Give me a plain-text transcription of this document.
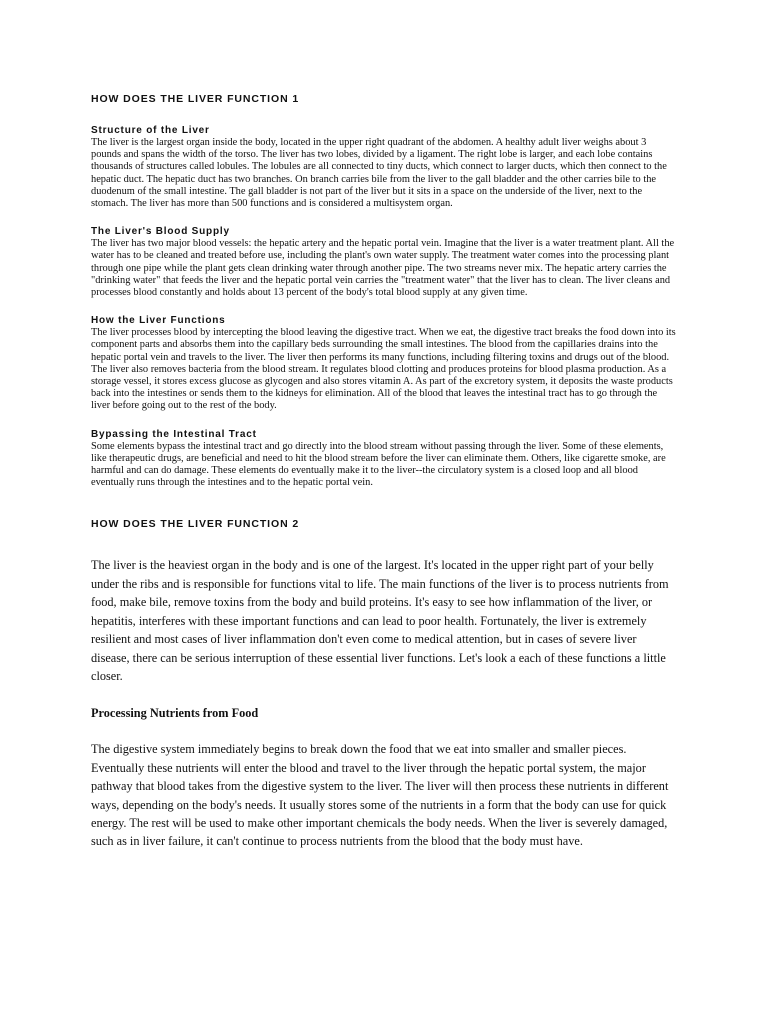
HOW DOES THE LIVER FUNCTION 1
Structure of the Liver

The liver is the largest organ inside the body, located in the upper right quadrant of the abdomen. A healthy adult liver weighs about 3 pounds and spans the width of the torso. The liver has two lobes, divided by a ligament. The right lobe is larger, and each lobe contains thousands of structures called lobules. The lobules are all connected to tiny ducts, which connect to larger ducts, which then connect to the hepatic duct. The hepatic duct has two branches. On branch carries bile from the liver to the gall bladder and the other carries bile to the duodenum of the small intestine. The gall bladder is not part of the liver but it sits in a space on the underside of the liver, next to the stomach. The liver has more than 500 functions and is considered a multisystem organ.

The Liver's Blood Supply

The liver has two major blood vessels: the hepatic artery and the hepatic portal vein. Imagine that the liver is a water treatment plant. All the water has to be cleaned and treated before use, including the plant's own water supply. The treatment water comes into the processing plant through one pipe while the plant gets clean drinking water through another pipe. The two streams never mix. The hepatic artery carries the "drinking water" that feeds the liver and the hepatic portal vein carries the "treatment water" that the liver has to clean. The liver cleans and processes blood constantly and holds about 13 percent of the body's total blood supply at any given time.

How the Liver Functions

The liver processes blood by intercepting the blood leaving the digestive tract. When we eat, the digestive tract breaks the food down into its component parts and absorbs them into the capillary beds surrounding the small intestines. The blood from the capillaries drains into the hepatic portal vein and travels to the liver. The liver then performs its many functions, including filtering toxins and drugs out of the blood. The liver also removes bacteria from the blood stream. It regulates blood clotting and produces proteins for blood plasma production. As a storage vessel, it stores excess glucose as glycogen and also stores vitamin A. As part of the excretory system, it deposits the waste products back into the intestines or sends them to the kidneys for elimination. All of the blood that leaves the intestinal tract has to go through the liver before going out to the rest of the body.

Bypassing the Intestinal Tract

Some elements bypass the intestinal tract and go directly into the blood stream without passing through the liver. Some of these elements, like therapeutic drugs, are beneficial and need to hit the blood stream before the liver can eliminate them. Others, like cigarette smoke, are harmful and can do damage. These elements do eventually make it to the liver--the circulatory system is a closed loop and all blood eventually runs through the intestines and to the hepatic portal vein.

HOW DOES THE LIVER FUNCTION 2

The liver is the heaviest organ in the body and is one of the largest. It's located in the upper right part of your belly under the ribs and is responsible for functions vital to life. The main functions of the liver is to process nutrients from food, make bile, remove toxins from the body and build proteins. It's easy to see how inflammation of the liver, or hepatitis, interferes with these important functions and can lead to poor health. Fortunately, the liver is extremely resilient and most cases of liver inflammation don't even come to medical attention, but in cases of severe liver disease, there can be serious interruption of these essential liver functions. Let's look a each of these functions a little closer.

Processing Nutrients from Food

The digestive system immediately begins to break down the food that we eat into smaller and smaller pieces. Eventually these nutrients will enter the blood and travel to the liver through the hepatic portal system, the major pathway that blood takes from the digestive system to the liver. The liver will then process these nutrients in different ways, depending on the body's needs. It usually stores some of the nutrients in a form that the body can use for quick energy. The rest will be used to make other important chemicals the body needs. When the liver is severely damaged, such as in liver failure, it can't continue to process nutrients from the blood that the body must have.
